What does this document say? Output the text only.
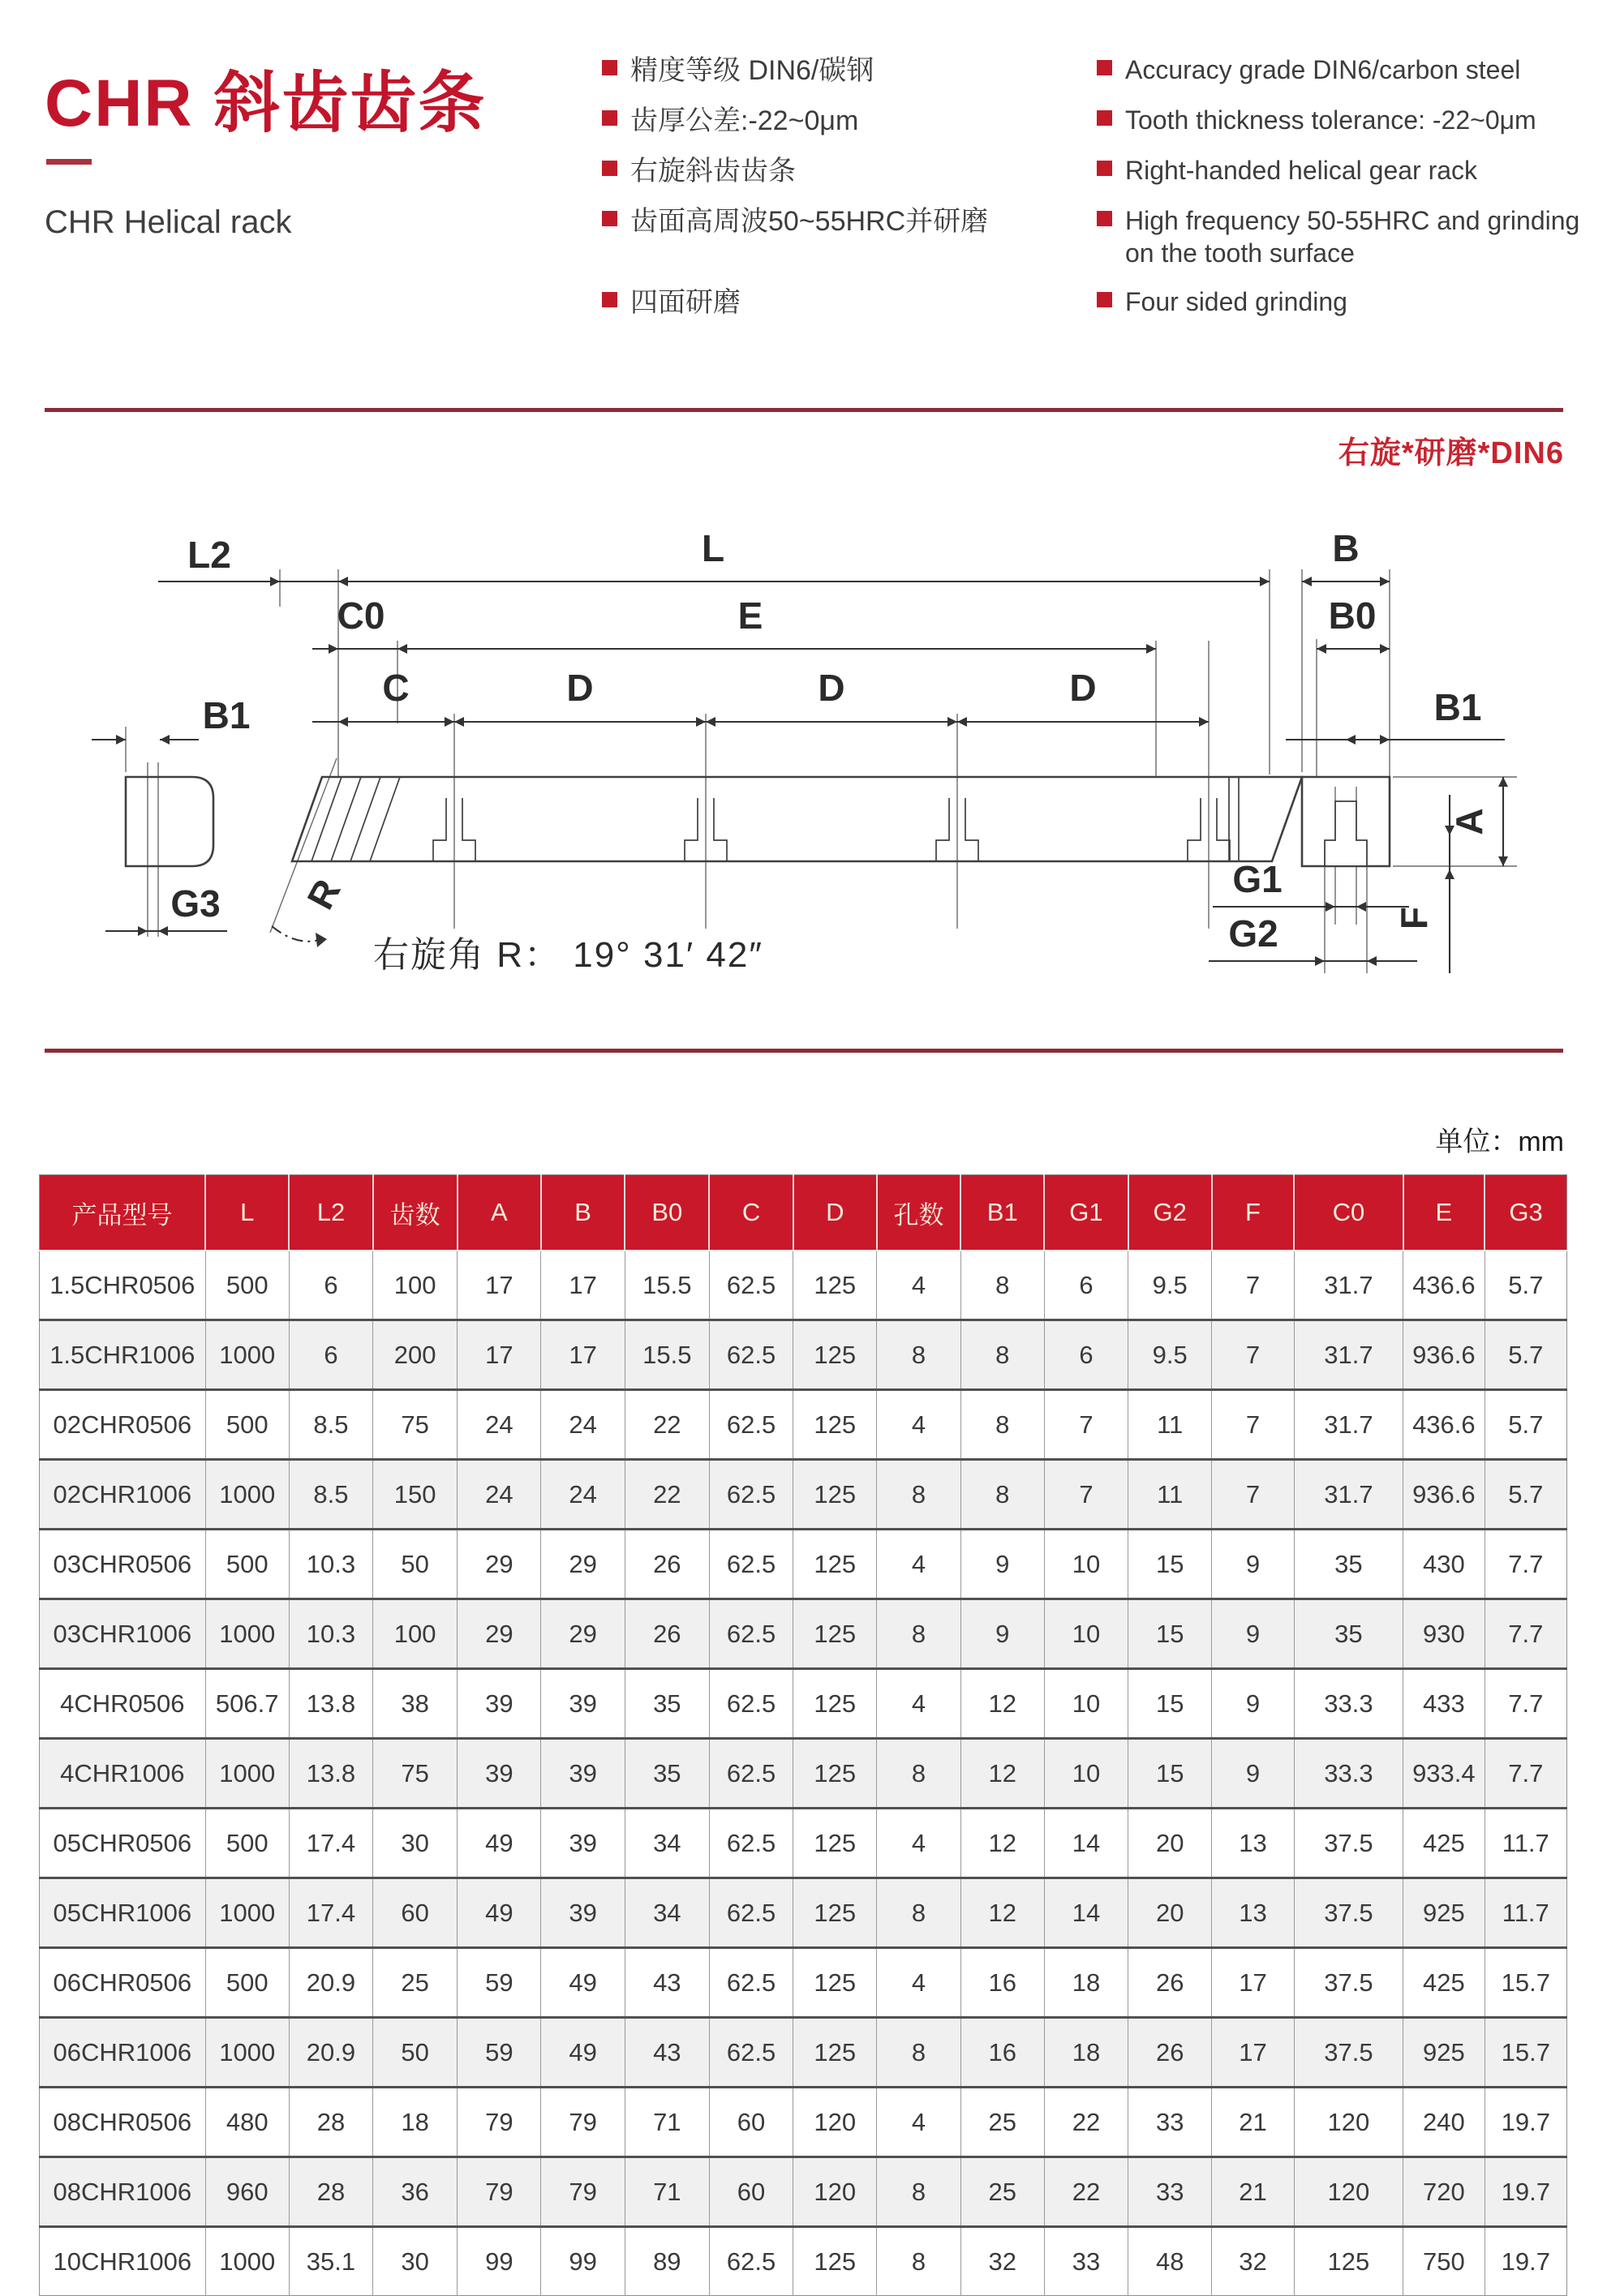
CHR 斜齿齿条
CHR Helical rack
精度等级 DIN6/碳钢
齿厚公差:-22~0μm
右旋斜齿齿条
齿面高周波50~55HRC并研磨
四面研磨
Accuracy grade DIN6/carbon steel
Tooth thickness tolerance: -22~0μm
Right-handed helical gear rack
High frequency 50-55HRC and grinding on the tooth surface
Four sided grinding
右旋*研磨*DIN6
L2	L	B
C0	E	B0
C	D	D	D
B1	B1
G3
G1
G2
A
F
R
右旋角 R： 19° 31′ 42″
单位：mm
产品型号	L	L2	齿数	A	B	B0	C	D	孔数	B1	G1	G2	F	C0	E	G3
1.5CHR0506	500	6	100	17	17	15.5	62.5	125	4	8	6	9.5	7	31.7	436.6	5.7
1.5CHR1006	1000	6	200	17	17	15.5	62.5	125	8	8	6	9.5	7	31.7	936.6	5.7
02CHR0506	500	8.5	75	24	24	22	62.5	125	4	8	7	11	7	31.7	436.6	5.7
02CHR1006	1000	8.5	150	24	24	22	62.5	125	8	8	7	11	7	31.7	936.6	5.7
03CHR0506	500	10.3	50	29	29	26	62.5	125	4	9	10	15	9	35	430	7.7
03CHR1006	1000	10.3	100	29	29	26	62.5	125	8	9	10	15	9	35	930	7.7
4CHR0506	506.7	13.8	38	39	39	35	62.5	125	4	12	10	15	9	33.3	433	7.7
4CHR1006	1000	13.8	75	39	39	35	62.5	125	8	12	10	15	9	33.3	933.4	7.7
05CHR0506	500	17.4	30	49	39	34	62.5	125	4	12	14	20	13	37.5	425	11.7
05CHR1006	1000	17.4	60	49	39	34	62.5	125	8	12	14	20	13	37.5	925	11.7
06CHR0506	500	20.9	25	59	49	43	62.5	125	4	16	18	26	17	37.5	425	15.7
06CHR1006	1000	20.9	50	59	49	43	62.5	125	8	16	18	26	17	37.5	925	15.7
08CHR0506	480	28	18	79	79	71	60	120	4	25	22	33	21	120	240	19.7
08CHR1006	960	28	36	79	79	71	60	120	8	25	22	33	21	120	720	19.7
10CHR1006	1000	35.1	30	99	99	89	62.5	125	8	32	33	48	32	125	750	19.7
